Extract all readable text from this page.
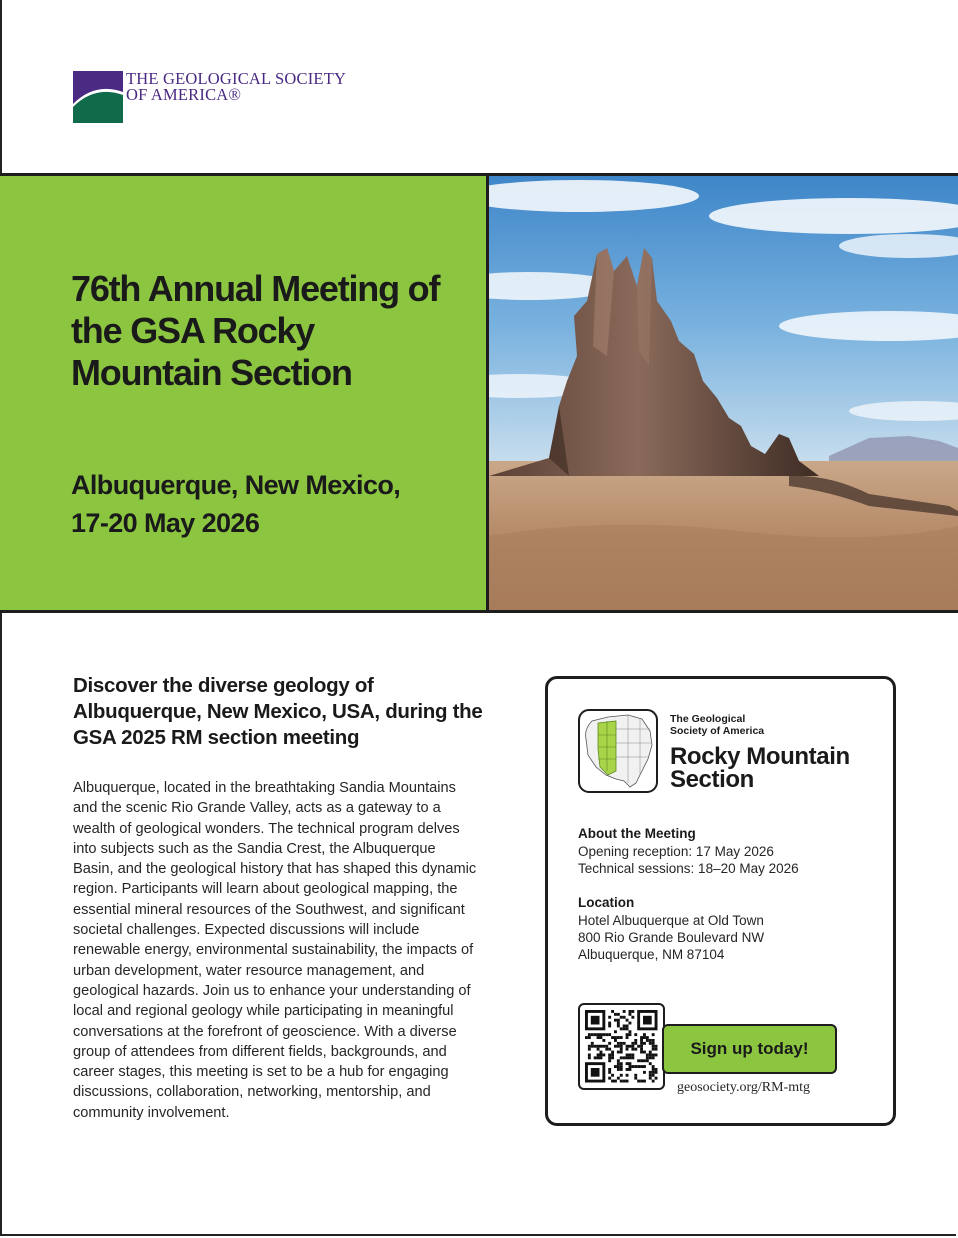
THE GEOLOGICAL SOCIETY
OF AMERICA®
76th Annual Meeting of the GSA Rocky Mountain Section
Albuquerque, New Mexico,
17-20 May 2026
Discover the diverse geology of Albuquerque, New Mexico, USA, during the GSA 2025 RM section meeting

Albuquerque, located in the breathtaking Sandia Mountains and the scenic Rio Grande Valley, acts as a gateway to a wealth of geological wonders. The technical program delves into subjects such as the Sandia Crest, the Albuquerque Basin, and the geological history that has shaped this dynamic region. Participants will learn about geological mapping, the essential mineral resources of the Southwest, and significant societal challenges. Expected discussions will include renewable energy, environmental sustainability, the impacts of urban development, water resource management, and geological hazards. Join us to enhance your understanding of local and regional geology while participating in meaningful conversations at the forefront of geoscience. With a diverse group of attendees from different fields, backgrounds, and career stages, this meeting is set to be a hub for engaging discussions, collaboration, networking, mentorship, and community involvement.

The Geological
Society of America
Rocky Mountain
Section
About the Meeting
Opening reception: 17 May 2026
Technical sessions: 18–20 May 2026
Location
Hotel Albuquerque at Old Town
800 Rio Grande Boulevard NW
Albuquerque, NM 87104
Sign up today!
geosociety.org/RM-mtg
